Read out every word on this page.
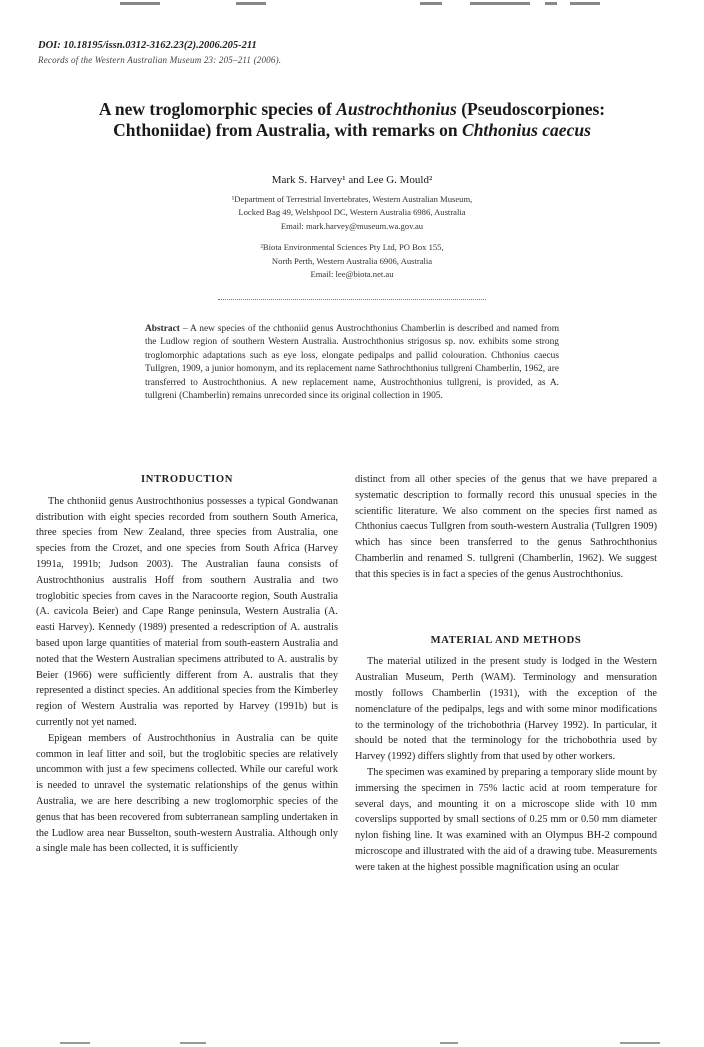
DOI: 10.18195/issn.0312-3162.23(2).2006.205-211
Records of the Western Australian Museum 23: 205–211 (2006).
A new troglomorphic species of Austrochthonius (Pseudoscorpiones:
Chthoniidae) from Australia, with remarks on Chthonius caecus
Mark S. Harvey¹ and Lee G. Mould²

¹Department of Terrestrial Invertebrates, Western Australian Museum,

Locked Bag 49, Welshpool DC, Western Australia 6986, Australia

Email: mark.harvey@museum.wa.gov.au

²Biota Environmental Sciences Pty Ltd, PO Box 155,

North Perth, Western Australia 6906, Australia

Email: lee@biota.net.au

Abstract – A new species of the chthoniid genus Austrochthonius Chamberlin is described and named from the Ludlow region of southern Western Australia. Austrochthonius strigosus sp. nov. exhibits some strong troglomorphic adaptations such as eye loss, elongate pedipalps and pallid colouration. Chthonius caecus Tullgren, 1909, a junior homonym, and its replacement name Sathrochthonius tullgreni Chamberlin, 1962, are transferred to Austrochthonius. A new replacement name, Austrochthonius tullgreni, is provided, as A. tullgreni (Chamberlin) remains unrecorded since its original collection in 1905.
INTRODUCTION

The chthoniid genus Austrochthonius possesses a typical Gondwanan distribution with eight species recorded from southern South America, three species from New Zealand, three species from Australia, one species from the Crozet, and one species from South Africa (Harvey 1991a, 1991b; Judson 2003). The Australian fauna consists of Austrochthonius australis Hoff from southern Australia and two troglobitic species from caves in the Naracoorte region, South Australia (A. cavicola Beier) and Cape Range peninsula, Western Australia (A. easti Harvey). Kennedy (1989) presented a redescription of A. australis based upon large quantities of material from south-eastern Australia and noted that the Western Australian specimens attributed to A. australis by Beier (1966) were sufficiently different from A. australis that they represented a distinct species. An additional species from the Kimberley region of Western Australia was reported by Harvey (1991b) but is currently not yet named.

Epigean members of Austrochthonius in Australia can be quite common in leaf litter and soil, but the troglobitic species are relatively uncommon with just a few specimens collected. While our careful work is needed to unravel the systematic relationships of the genus within Australia, we are here describing a new troglomorphic species of the genus that has been recovered from subterranean sampling undertaken in the Ludlow area near Busselton, south-western Australia. Although only a single male has been collected, it is sufficiently

distinct from all other species of the genus that we have prepared a systematic description to formally record this unusual species in the scientific literature. We also comment on the species first named as Chthonius caecus Tullgren from south-western Australia (Tullgren 1909) which has since been transferred to the genus Sathrochthonius Chamberlin and renamed S. tullgreni (Chamberlin, 1962). We suggest that this species is in fact a species of the genus Austrochthonius.

MATERIAL AND METHODS

The material utilized in the present study is lodged in the Western Australian Museum, Perth (WAM). Terminology and mensuration mostly follows Chamberlin (1931), with the exception of the nomenclature of the pedipalps, legs and with some minor modifications to the terminology of the trichobothria (Harvey 1992). In particular, it should be noted that the terminology for the trichobothria used by Harvey (1992) differs slightly from that used by other workers.

The specimen was examined by preparing a temporary slide mount by immersing the specimen in 75% lactic acid at room temperature for several days, and mounting it on a microscope slide with 10 mm coverslips supported by small sections of 0.25 mm or 0.50 mm diameter nylon fishing line. It was examined with an Olympus BH-2 compound microscope and illustrated with the aid of a drawing tube. Measurements were taken at the highest possible magnification using an ocular
